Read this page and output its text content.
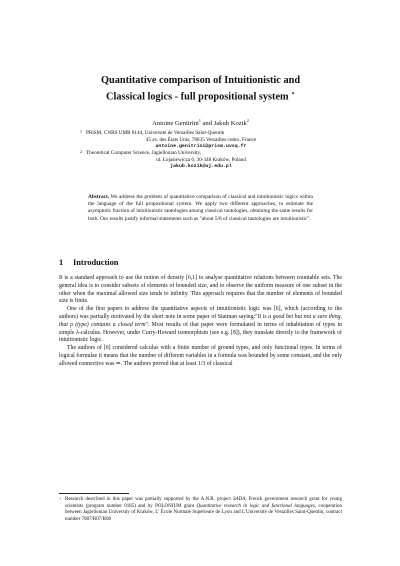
Quantitative comparison of Intuitionistic and
Classical logics - full propositional system ⋆
Antoine Genitrini$^1$ and Jakub Kozik$^2$
1 PRiSM, CNRS UMR 8144, Université de Versailles Saint-Quentin
45 av. des États Unis, 78035 Versailles cedex, France
antoine.genitrini@prism.uvsq.fr
2 Theoretical Computer Science, Jagiellonian University,
ul. Łojasiewicza 6, 30-348 Kraków, Poland
jakub.kozik@uj.edu.pl
Abstract. We address the problem of quantitative comparison of classical and intuitionistic logics within the language of the full propositional system. We apply two different approaches, to estimate the asymptotic fraction of intuitionistic tautologies among classical tautologies, obtaining the same results for both. Our results justify informal statements such as "about 5/8 of classical tautologies are intuitionistic".
1 Introduction

It is a standard approach to use the notion of density [6,1] to analyse quantitative relations between countable sets. The general idea is to consider subsets of elements of bounded size, and to observe the uniform measure of one subset in the other when the maximal allowed size tends to infinity. This approach requires that the number of elements of bounded size is finite.

One of the first papers to address the quantitative aspects of intuitionistic logic was [6], which (according to the authors) was partially motivated by the short note in some paper of Statman saying:"It is a good bet but not a sure thing, that ρ (type) contains a closed term". Most results of that paper were formulated in terms of inhabitation of types in simple λ-calculus. However, under Curry-Howard isomorphism (see e.g. [8]), they translate directly to the framework of intuitionistic logic.

The authors of [6] considered calculus with a finite number of ground types, and only functional types. In terms of logical formulae it means that the number of different variables in a formula was bounded by some constant, and the only allowed connective was ⇒. The authors proved that at least 1/3 of classical

⋆ Research described in this paper was partially supported by the A.N.R. project SADA, French government research grant for young scientists (program number 0185) and by POLONIUM grant Quantitative research in logic and functional languages, cooperation between Jagiellonian University of Kraków, L' École Normale Supérieure de Lyon and L'Université de Versailles Saint-Quentin, contract number 7087/R07/R08
